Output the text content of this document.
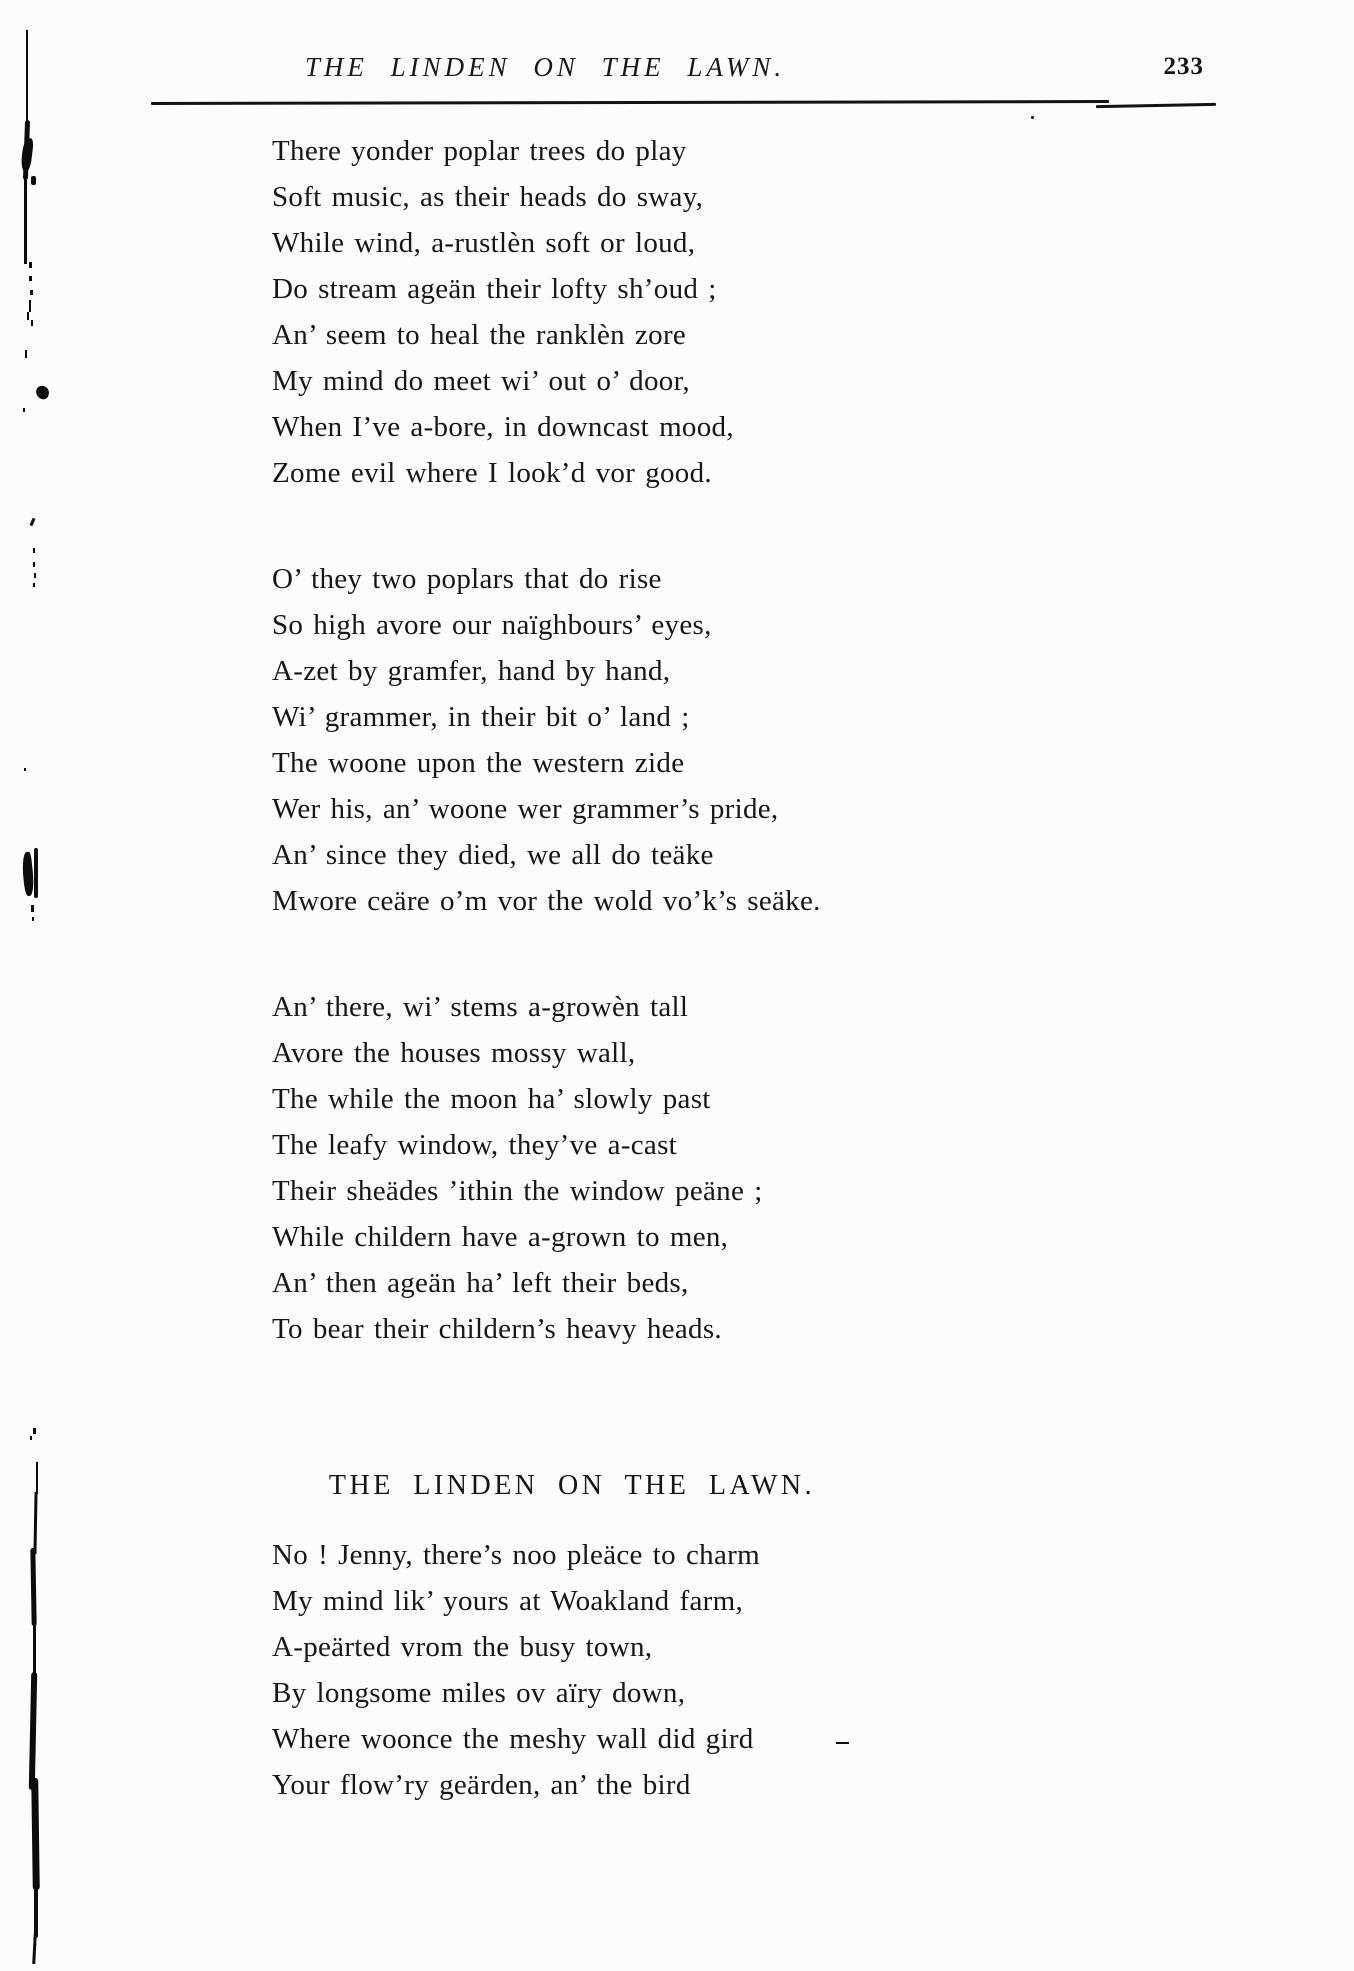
THE LINDEN ON THE LAWN.	233
There yonder poplar trees do play
Soft music, as their heads do sway,
While wind, a-rustlèn soft or loud,
Do stream ageän their lofty sh’oud ;
An’ seem to heal the ranklèn zore
My mind do meet wi’ out o’ door,
When I’ve a-bore, in downcast mood,
Zome evil where I look’d vor good.
O’ they two poplars that do rise
So high avore our naïghbours’ eyes,
A-zet by gramfer, hand by hand,
Wi’ grammer, in their bit o’ land ;
The woone upon the western zide
Wer his, an’ woone wer grammer’s pride,
An’ since they died, we all do teäke
Mwore ceäre o’m vor the wold vo’k’s seäke.
An’ there, wi’ stems a-growèn tall
Avore the houses mossy wall,
The while the moon ha’ slowly past
The leafy window, they’ve a-cast
Their sheädes ’ithin the window peäne ;
While childern have a-grown to men,
An’ then ageän ha’ left their beds,
To bear their childern’s heavy heads.
THE LINDEN ON THE LAWN.
No ! Jenny, there’s noo pleäce to charm
My mind lik’ yours at Woakland farm,
A-peärted vrom the busy town,
By longsome miles ov aïry down,
Where woonce the meshy wall did gird
Your flow’ry geärden, an’ the bird
